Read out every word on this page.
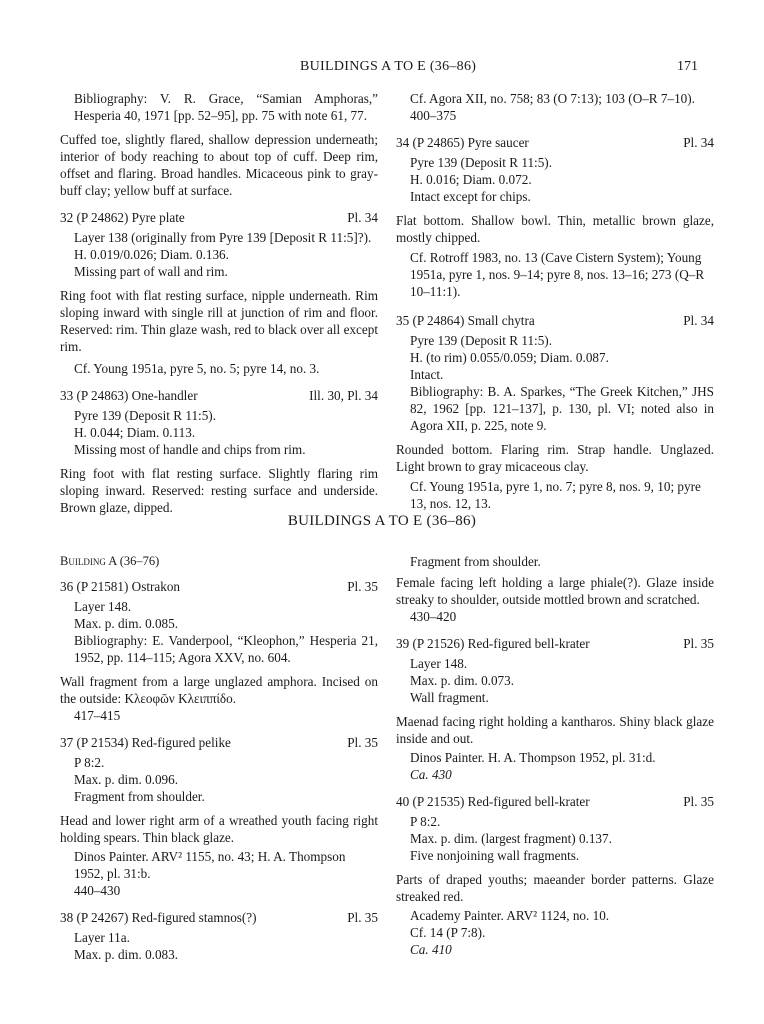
BUILDINGS A TO E (36–86)	171

Bibliography: V. R. Grace, “Samian Amphoras,” Hesperia 40, 1971 [pp. 52–95], pp. 75 with note 61, 77.

Cuffed toe, slightly flared, shallow depression underneath; interior of body reaching to about top of cuff. Deep rim, offset and flaring. Broad handles. Micaceous pink to gray-buff clay; yellow buff at surface.

32 (P 24862) Pyre plate	Pl. 34

Layer 138 (originally from Pyre 139 [Deposit R 11:5]?).

H. 0.019/0.026; Diam. 0.136.

Missing part of wall and rim.

Ring foot with flat resting surface, nipple underneath. Rim sloping inward with single rill at junction of rim and floor. Reserved: rim. Thin glaze wash, red to black over all except rim.

Cf. Young 1951a, pyre 5, no. 5; pyre 14, no. 3.

33 (P 24863) One-handler	Ill. 30, Pl. 34

Pyre 139 (Deposit R 11:5).

H. 0.044; Diam. 0.113.

Missing most of handle and chips from rim.

Ring foot with flat resting surface. Slightly flaring rim sloping inward. Reserved: resting surface and underside. Brown glaze, dipped.

Cf. Agora XII, no. 758; 83 (O 7:13); 103 (O–R 7–10).

400–375

34 (P 24865) Pyre saucer	Pl. 34

Pyre 139 (Deposit R 11:5).

H. 0.016; Diam. 0.072.

Intact except for chips.

Flat bottom. Shallow bowl. Thin, metallic brown glaze, mostly chipped.

Cf. Rotroff 1983, no. 13 (Cave Cistern System); Young 1951a, pyre 1, nos. 9–14; pyre 8, nos. 13–16; 273 (Q–R 10–11:1).

35 (P 24864) Small chytra	Pl. 34

Pyre 139 (Deposit R 11:5).

H. (to rim) 0.055/0.059; Diam. 0.087.

Intact.

Bibliography: B. A. Sparkes, “The Greek Kitchen,” JHS 82, 1962 [pp. 121–137], p. 130, pl. VI; noted also in Agora XII, p. 225, note 9.

Rounded bottom. Flaring rim. Strap handle. Unglazed. Light brown to gray micaceous clay.

Cf. Young 1951a, pyre 1, no. 7; pyre 8, nos. 9, 10; pyre 13, nos. 12, 13.

BUILDINGS A TO E (36–86)

Building A (36–76)

36 (P 21581) Ostrakon	Pl. 35

Layer 148.

Max. p. dim. 0.085.

Bibliography: E. Vanderpool, “Kleophon,” Hesperia 21, 1952, pp. 114–115; Agora XXV, no. 604.

Wall fragment from a large unglazed amphora. Incised on the outside: Κλεοφῶν Κλειππίδο.

417–415

37 (P 21534) Red-figured pelike	Pl. 35

P 8:2.

Max. p. dim. 0.096.

Fragment from shoulder.

Head and lower right arm of a wreathed youth facing right holding spears. Thin black glaze.

Dinos Painter. ARV² 1155, no. 43; H. A. Thompson 1952, pl. 31:b.

440–430

38 (P 24267) Red-figured stamnos(?)	Pl. 35

Layer 11a.

Max. p. dim. 0.083.

Fragment from shoulder.

Female facing left holding a large phiale(?). Glaze inside streaky to shoulder, outside mottled brown and scratched.

430–420

39 (P 21526) Red-figured bell-krater	Pl. 35

Layer 148.

Max. p. dim. 0.073.

Wall fragment.

Maenad facing right holding a kantharos. Shiny black glaze inside and out.

Dinos Painter. H. A. Thompson 1952, pl. 31:d.

Ca. 430

40 (P 21535) Red-figured bell-krater	Pl. 35

P 8:2.

Max. p. dim. (largest fragment) 0.137.

Five nonjoining wall fragments.

Parts of draped youths; maeander border patterns. Glaze streaked red.

Academy Painter. ARV² 1124, no. 10.

Cf. 14 (P 7:8).

Ca. 410
